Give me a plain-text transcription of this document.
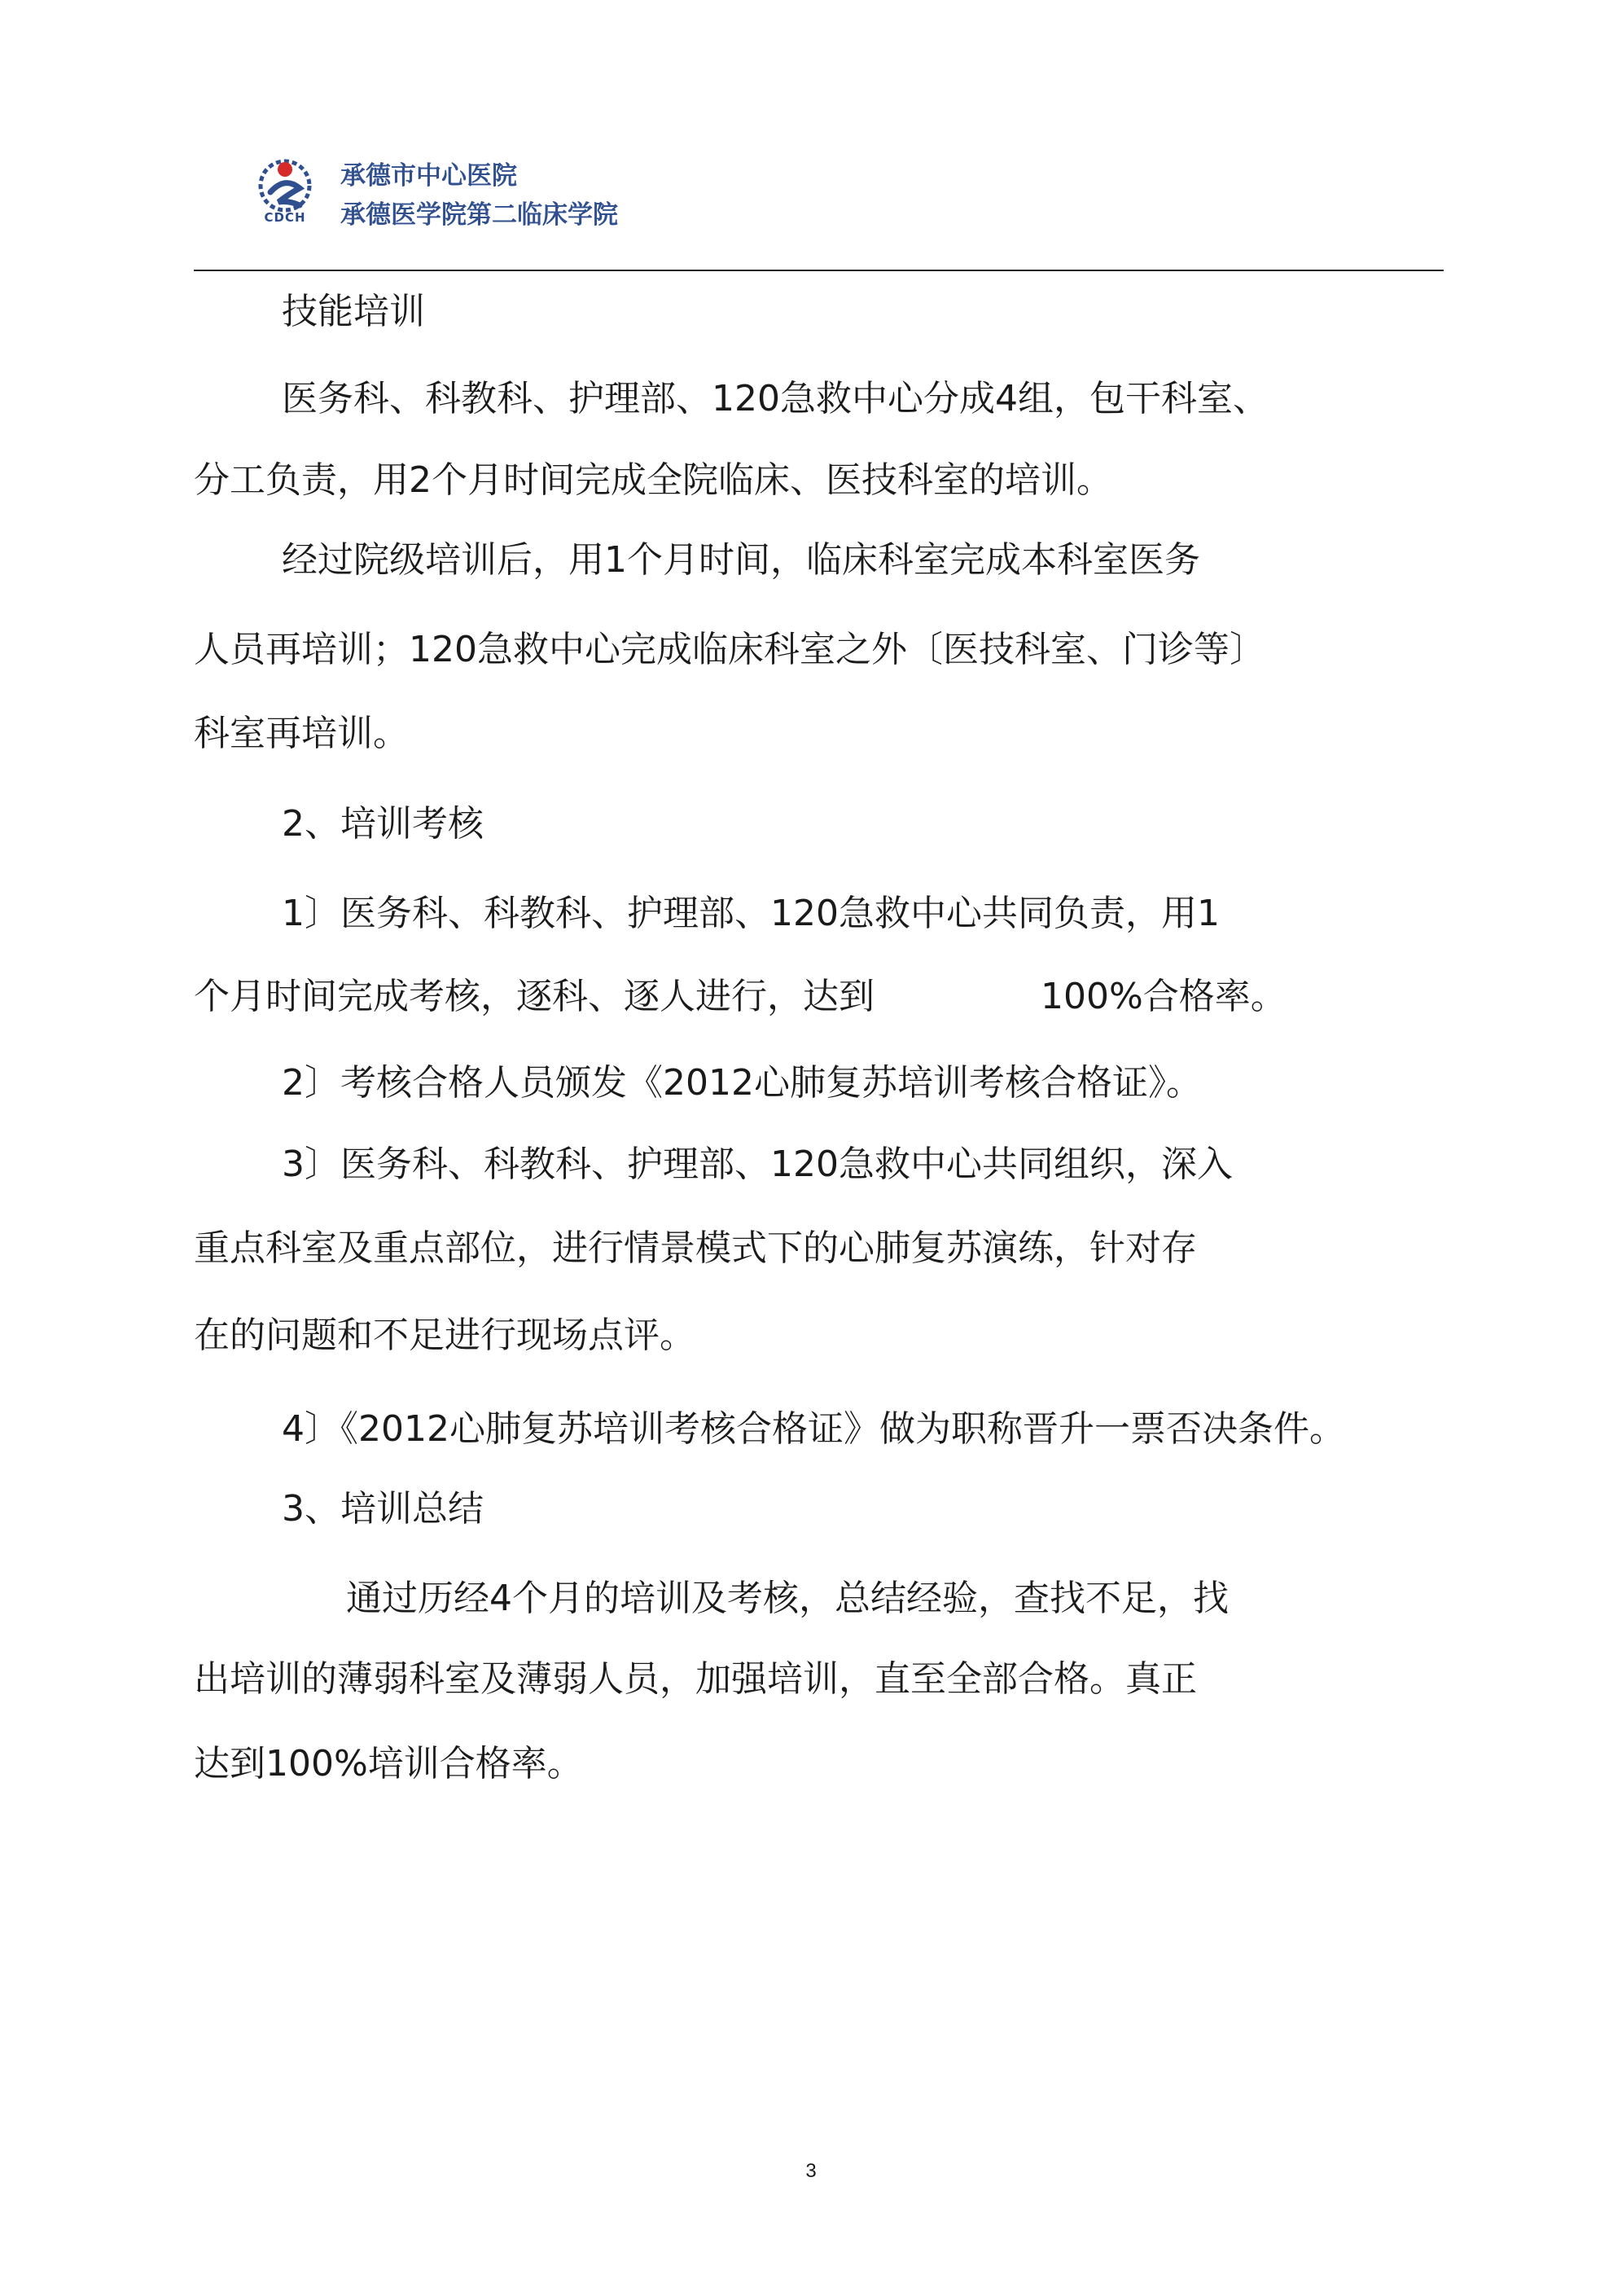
CDCH
承德市中心医院
承德医学院第二临床学院
技能培训
医务科、科教科、护理部、120急救中心分成4组，包干科室、
分工负责，用2个月时间完成全院临床、医技科室的培训。
经过院级培训后，用1个月时间，临床科室完成本科室医务
人员再培训；120急救中心完成临床科室之外〔医技科室、门诊等〕
科室再培训。
2、培训考核
1〕医务科、科教科、护理部、120急救中心共同负责，用1
个月时间完成考核，逐科、逐人进行，达到	100%合格率。
2〕考核合格人员颁发《2012心肺复苏培训考核合格证》。
3〕医务科、科教科、护理部、120急救中心共同组织，深入
重点科室及重点部位，进行情景模式下的心肺复苏演练，针对存
在的问题和不足进行现场点评。
4〕《2012心肺复苏培训考核合格证》做为职称晋升一票否决条件。
3、培训总结
通过历经4个月的培训及考核，总结经验，查找不足，找
出培训的薄弱科室及薄弱人员，加强培训，直至全部合格。真正
达到100%培训合格率。
3
